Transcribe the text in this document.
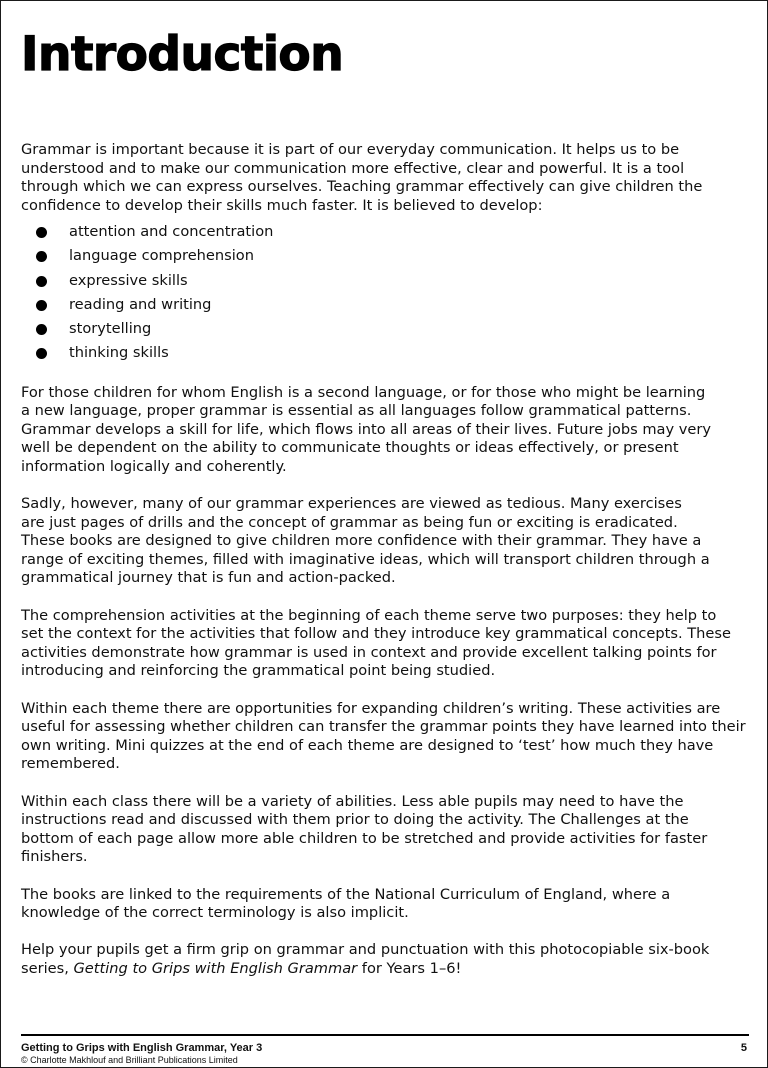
Introduction

Grammar is important because it is part of our everyday communication. It helps us to be
understood and to make our communication more effective, clear and powerful. It is a tool
through which we can express ourselves. Teaching grammar effectively can give children the
confidence to develop their skills much faster. It is believed to develop:

attention and concentration
language comprehension
expressive skills
reading and writing
storytelling
thinking skills

For those children for whom English is a second language, or for those who might be learning
a new language, proper grammar is essential as all languages follow grammatical patterns.
Grammar develops a skill for life, which flows into all areas of their lives. Future jobs may very
well be dependent on the ability to communicate thoughts or ideas effectively, or present
information logically and coherently.

Sadly, however, many of our grammar experiences are viewed as tedious. Many exercises
are just pages of drills and the concept of grammar as being fun or exciting is eradicated.
These books are designed to give children more confidence with their grammar. They have a
range of exciting themes, filled with imaginative ideas, which will transport children through a
grammatical journey that is fun and action-packed.

The comprehension activities at the beginning of each theme serve two purposes: they help to
set the context for the activities that follow and they introduce key grammatical concepts. These
activities demonstrate how grammar is used in context and provide excellent talking points for
introducing and reinforcing the grammatical point being studied.

Within each theme there are opportunities for expanding children’s writing. These activities are
useful for assessing whether children can transfer the grammar points they have learned into their
own writing. Mini quizzes at the end of each theme are designed to ‘test’ how much they have
remembered.

Within each class there will be a variety of abilities. Less able pupils may need to have the
instructions read and discussed with them prior to doing the activity. The Challenges at the
bottom of each page allow more able children to be stretched and provide activities for faster
finishers.

The books are linked to the requirements of the National Curriculum of England, where a
knowledge of the correct terminology is also implicit.

Help your pupils get a firm grip on grammar and punctuation with this photocopiable six-book
series, Getting to Grips with English Grammar for Years 1–6!

Getting to Grips with English Grammar, Year 3
© Charlotte Makhlouf and Brilliant Publications Limited
5
